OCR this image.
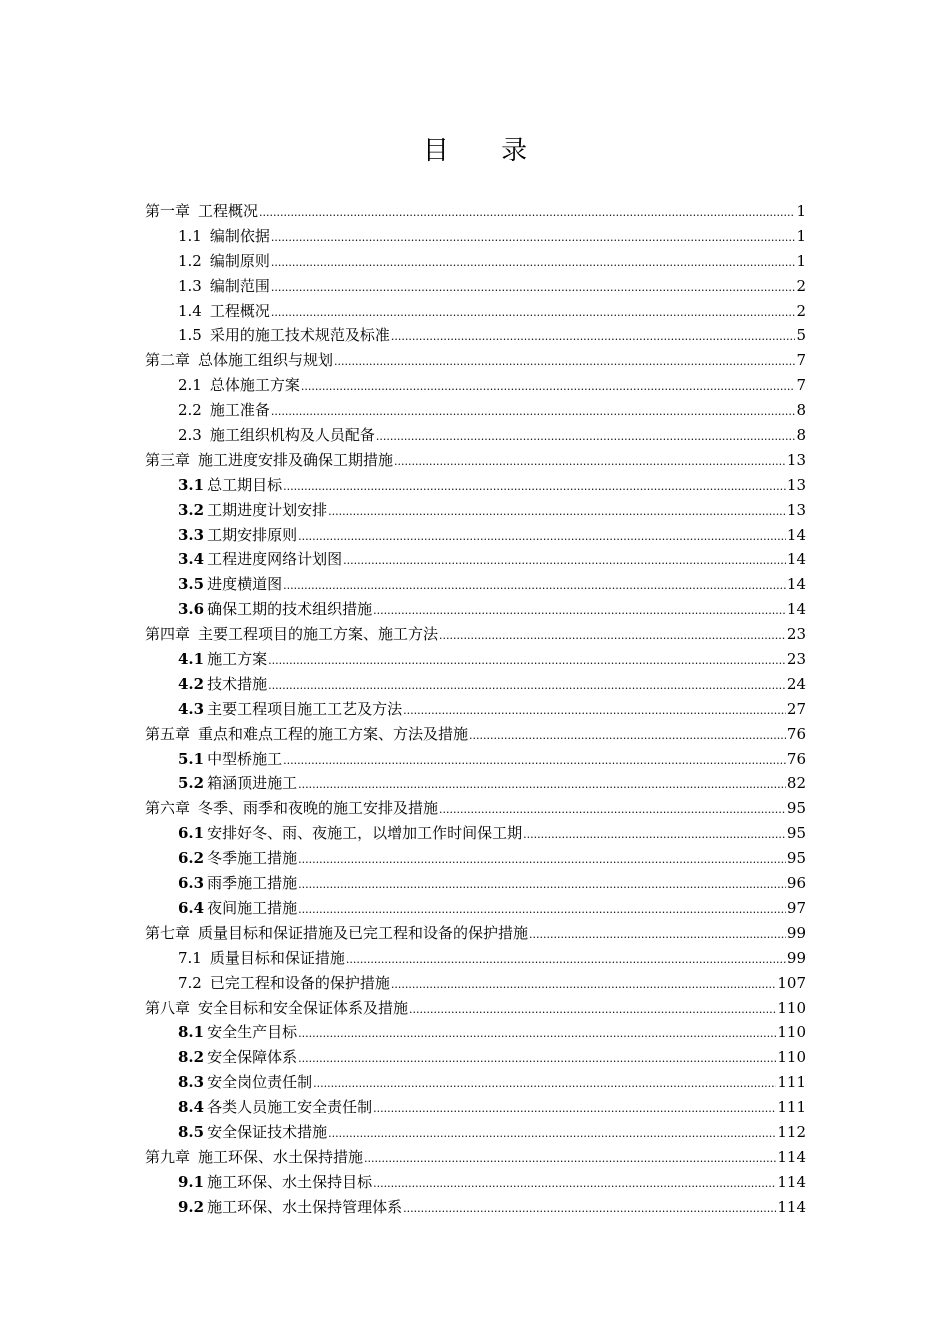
目 录
第一章 工程概况 .....	1
1.1 编制依据 .....	1
1.2 编制原则 .....	1
1.3 编制范围 .....	2
1.4 工程概况 .....	2
1.5 采用的施工技术规范及标准 .....	5
第二章 总体施工组织与规划 .....	7
2.1 总体施工方案 .....	7
2.2 施工准备 .....	8
2.3 施工组织机构及人员配备 .....	8
第三章 施工进度安排及确保工期措施 .....	13
3.1 总工期目标 .....	13
3.2 工期进度计划安排 .....	13
3.3 工期安排原则 .....	14
3.4 工程进度网络计划图 .....	14
3.5 进度横道图 .....	14
3.6 确保工期的技术组织措施 .....	14
第四章 主要工程项目的施工方案、施工方法 .....	23
4.1 施工方案 .....	23
4.2 技术措施 .....	24
4.3 主要工程项目施工工艺及方法 .....	27
第五章 重点和难点工程的施工方案、方法及措施 .....	76
5.1 中型桥施工 .....	76
5.2 箱涵顶进施工 .....	82
第六章 冬季、雨季和夜晚的施工安排及措施 .....	95
6.1 安排好冬、雨、夜施工，以增加工作时间保工期 .....	95
6.2 冬季施工措施 .....	95
6.3 雨季施工措施 .....	96
6.4 夜间施工措施 .....	97
第七章 质量目标和保证措施及已完工程和设备的保护措施 .....	99
7.1 质量目标和保证措施 .....	99
7.2 已完工程和设备的保护措施 .....	107
第八章 安全目标和安全保证体系及措施 .....	110
8.1 安全生产目标 .....	110
8.2 安全保障体系 .....	110
8.3 安全岗位责任制 .....	111
8.4 各类人员施工安全责任制 .....	111
8.5 安全保证技术措施 .....	112
第九章 施工环保、水土保持措施 .....	114
9.1 施工环保、水土保持目标 .....	114
9.2 施工环保、水土保持管理体系 .....	114
